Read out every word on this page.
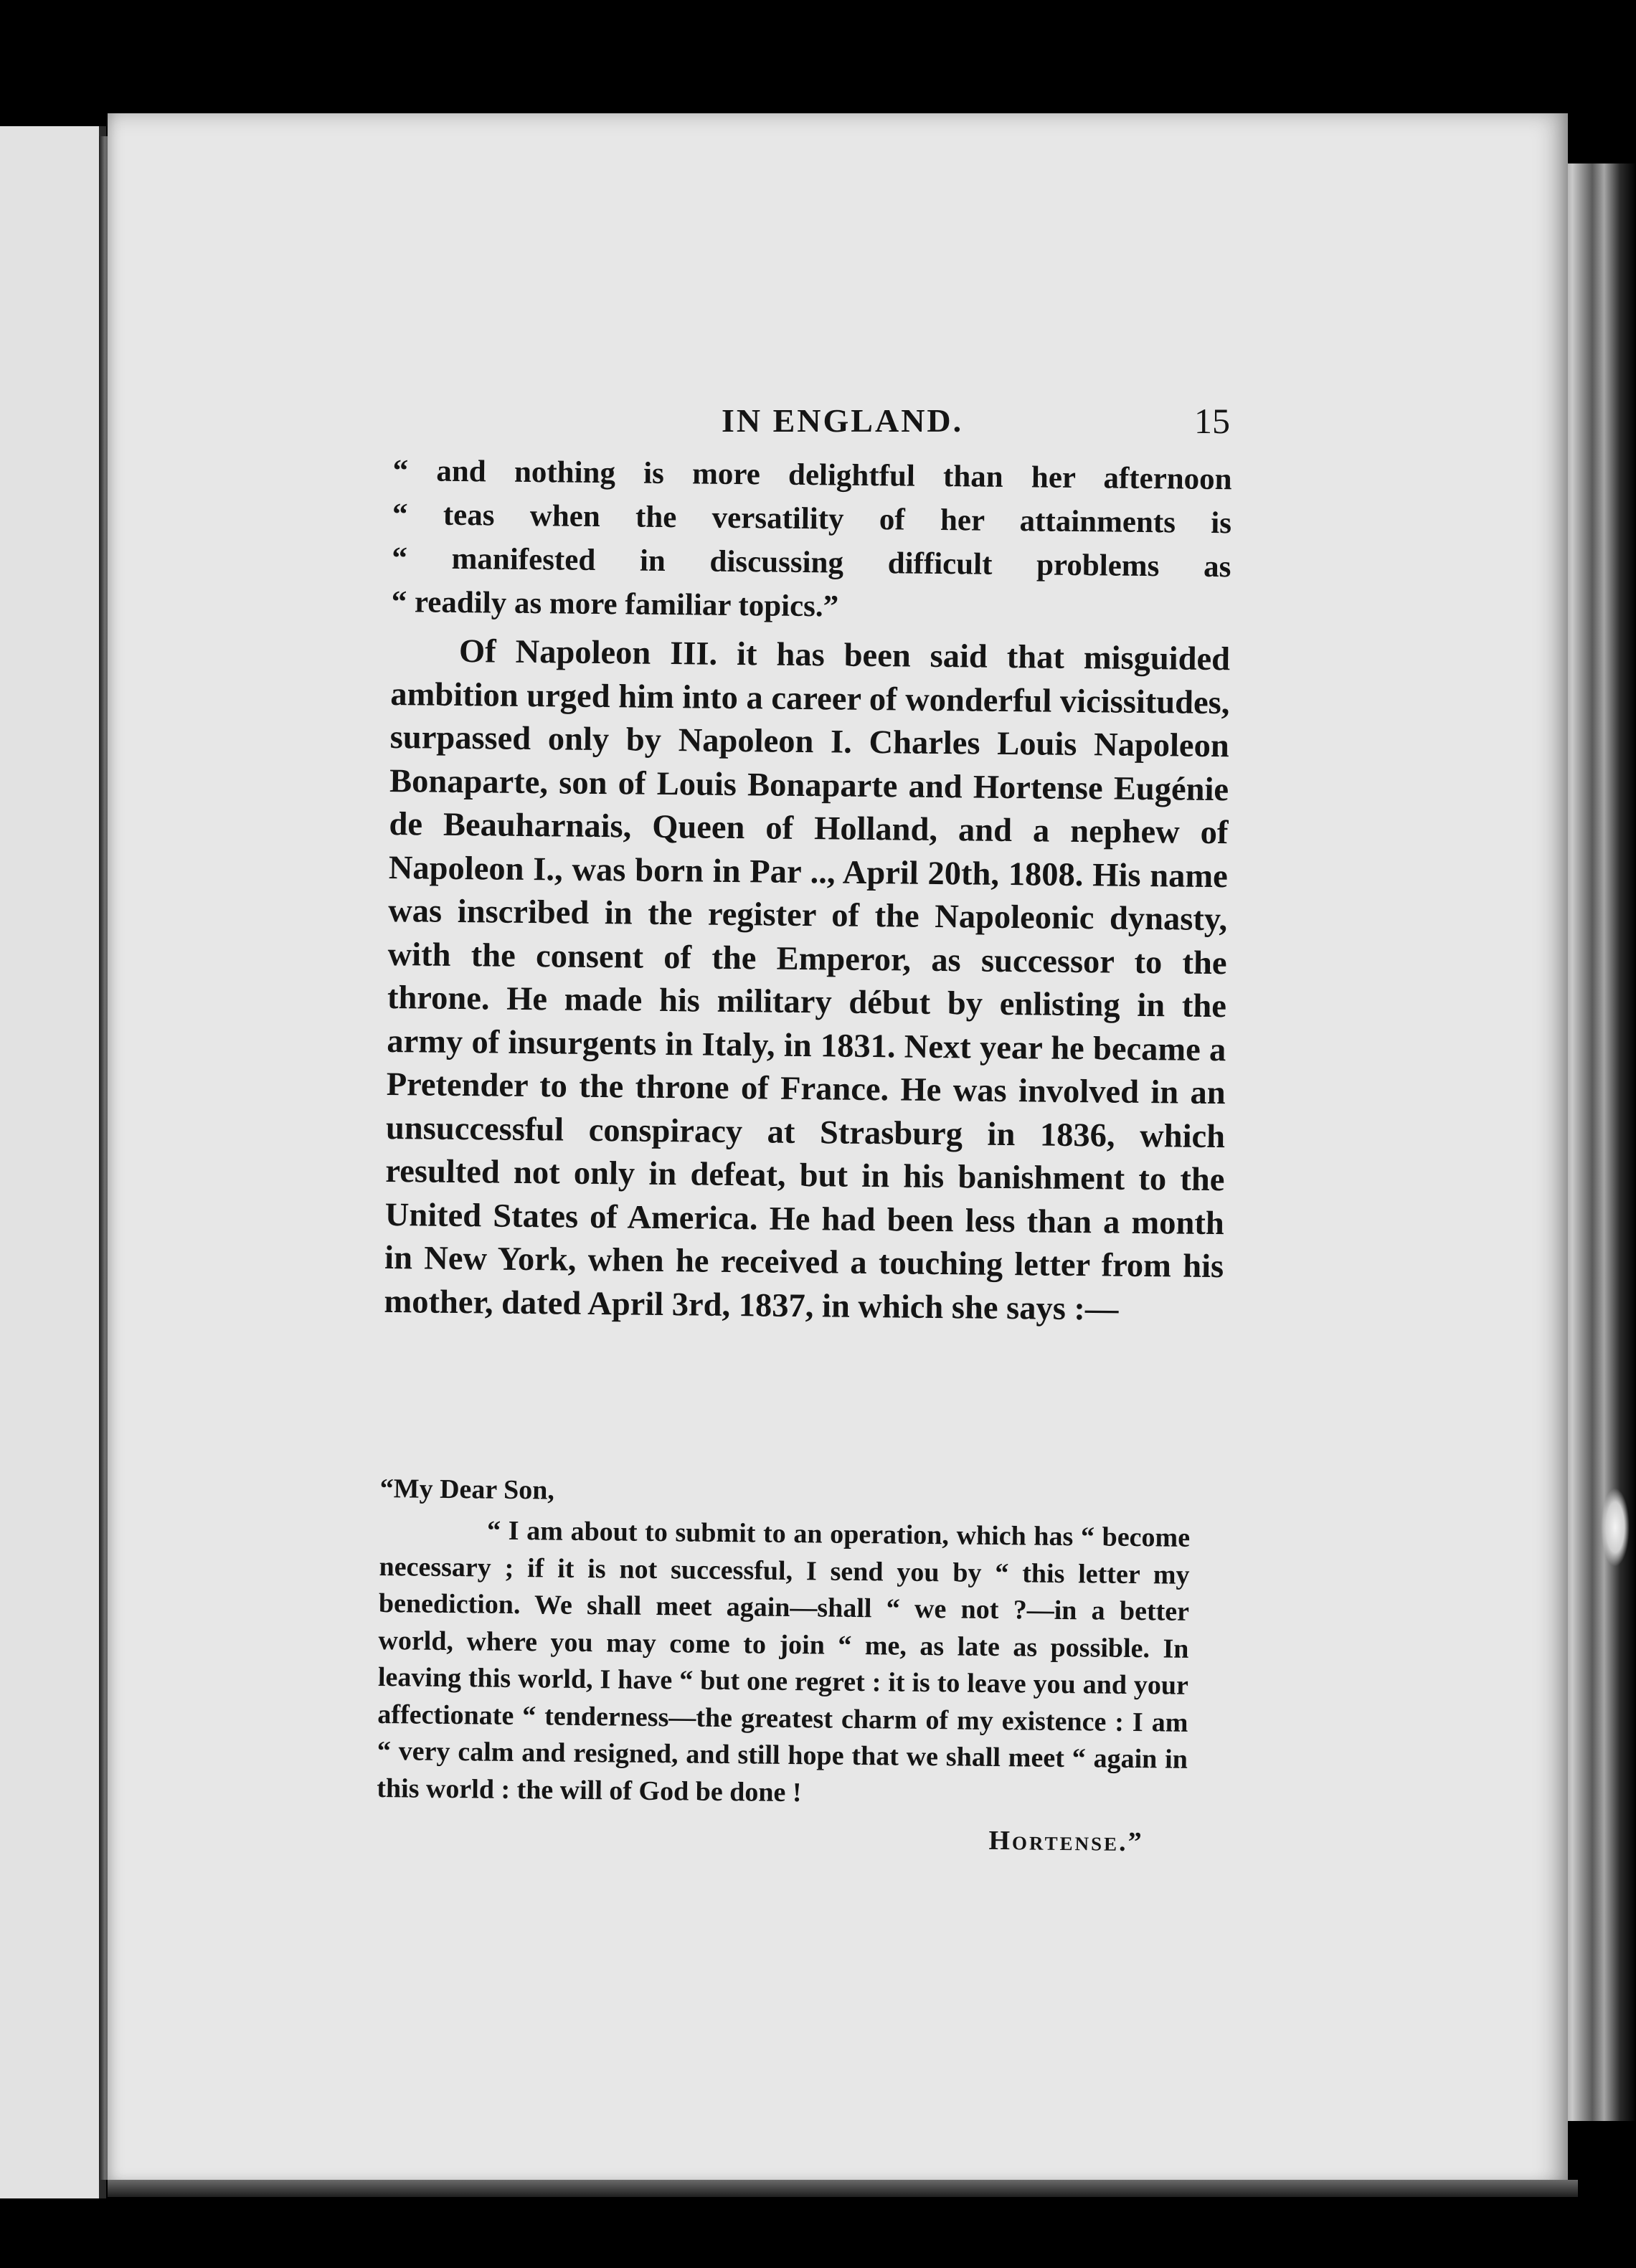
IN ENGLAND.	15

“ and nothing is more delightful than her afternoon

“ teas when the versatility of her attainments is

“ manifested in discussing difficult problems as

“ readily as more familiar topics.”

Of Napoleon III. it has been said that misguided ambition urged him into a career of wonderful vicissitudes, surpassed only by Napoleon I. Charles Louis Napoleon Bonaparte, son of Louis Bonaparte and Hortense Eugénie de Beauharnais, Queen of Holland, and a nephew of Napoleon I., was born in Par .., April 20th, 1808. His name was inscribed in the register of the Napoleonic dynasty, with the consent of the Emperor, as successor to the throne. He made his military début by enlisting in the army of insurgents in Italy, in 1831. Next year he became a Pretender to the throne of France. He was involved in an unsuccessful conspiracy at Strasburg in 1836, which resulted not only in defeat, but in his banishment to the United States of America. He had been less than a month in New York, when he received a touching letter from his mother, dated April 3rd, 1837, in which she says :—

“My Dear Son,

“ I am about to submit to an operation, which has “ become necessary ; if it is not successful, I send you by “ this letter my benediction. We shall meet again—shall “ we not ?—in a better world, where you may come to join “ me, as late as possible. In leaving this world, I have “ but one regret : it is to leave you and your affectionate “ tenderness—the greatest charm of my existence : I am “ very calm and resigned, and still hope that we shall meet “ again in this world : the will of God be done !

Hortense.”
